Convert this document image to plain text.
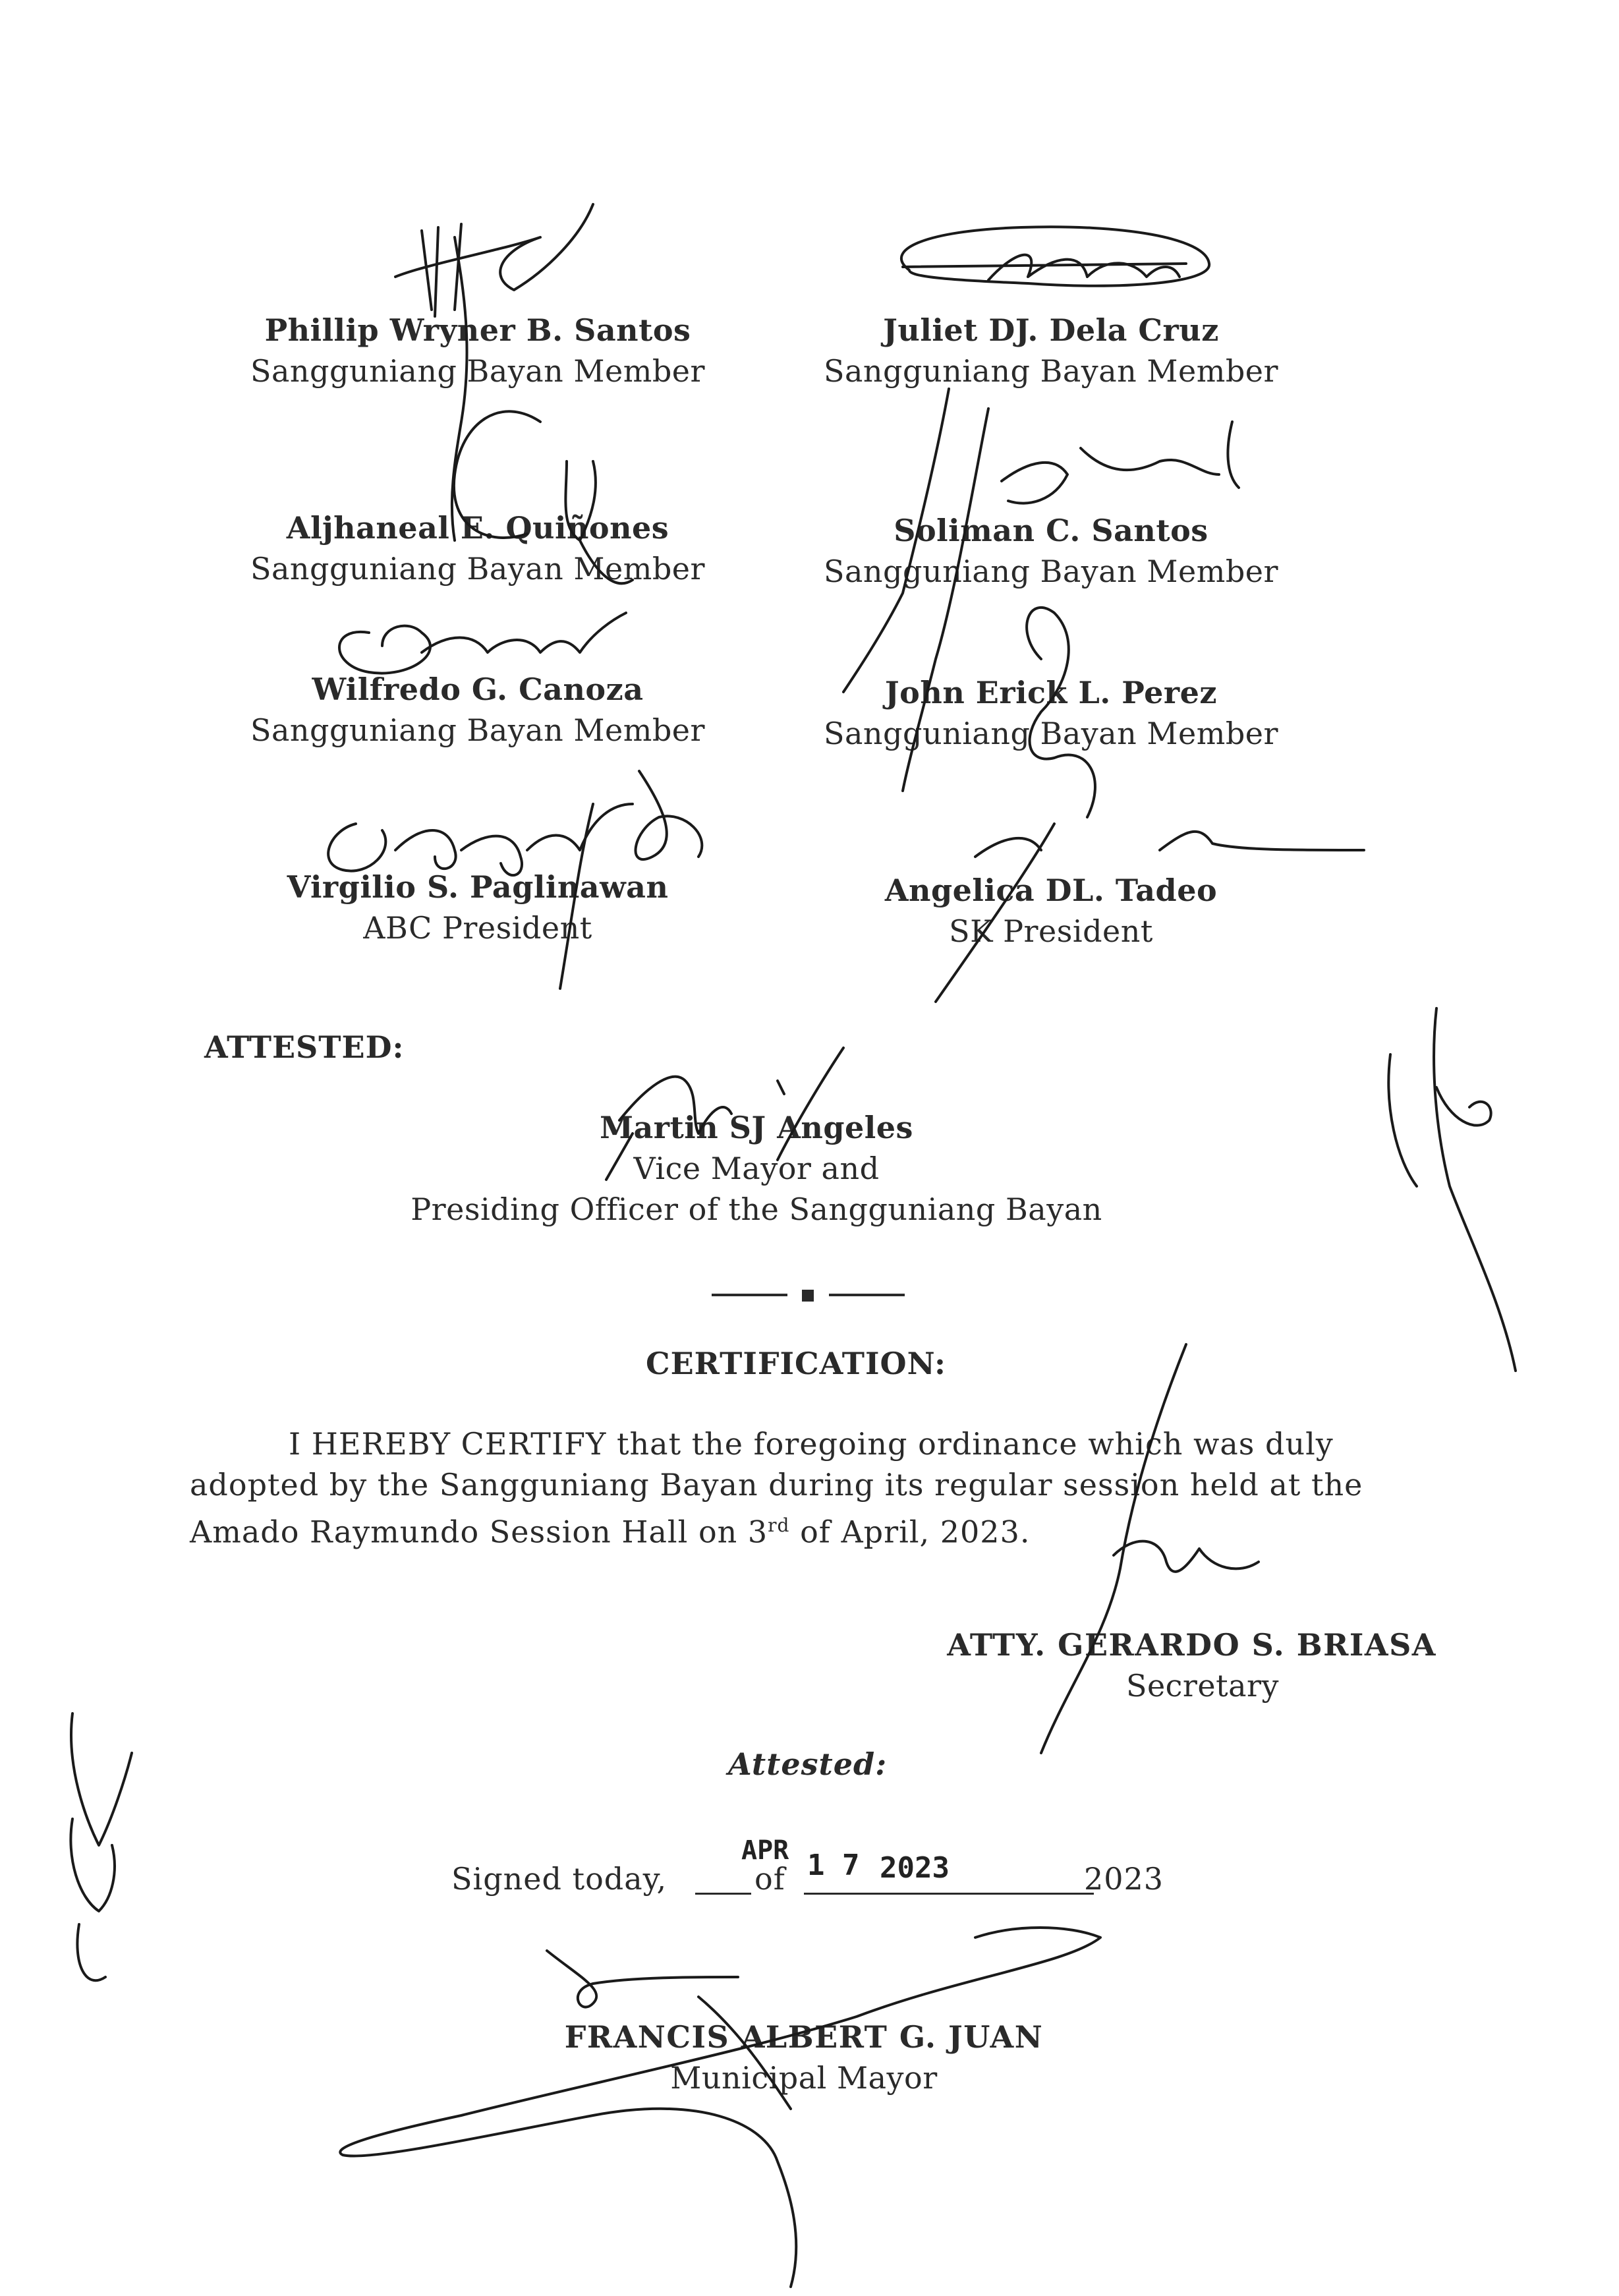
Phillip Wryner B. Santos
Sangguniang Bayan Member
Juliet DJ. Dela Cruz
Sangguniang Bayan Member
Aljhaneal E. Quiñones
Sangguniang Bayan Member
Soliman C. Santos
Sangguniang Bayan Member
Wilfredo G. Canoza
Sangguniang Bayan Member
John Erick L. Perez
Sangguniang Bayan Member
Virgilio S. Paglinawan
ABC President
Angelica DL. Tadeo
SK President
ATTESTED:
Martin SJ Angeles
Vice Mayor and
Presiding Officer of the Sangguniang Bayan
CERTIFICATION:
I HEREBY CERTIFY that the foregoing ordinance which was duly
adopted by the Sangguniang Bayan during its regular session held at the
Amado Raymundo Session Hall on 3rd of April, 2023.
ATTY. GERARDO S. BRIASA
Secretary
Attested:
Signed today,	of	2023
APR 1 7 2023
FRANCIS ALBERT G. JUAN
Municipal Mayor
